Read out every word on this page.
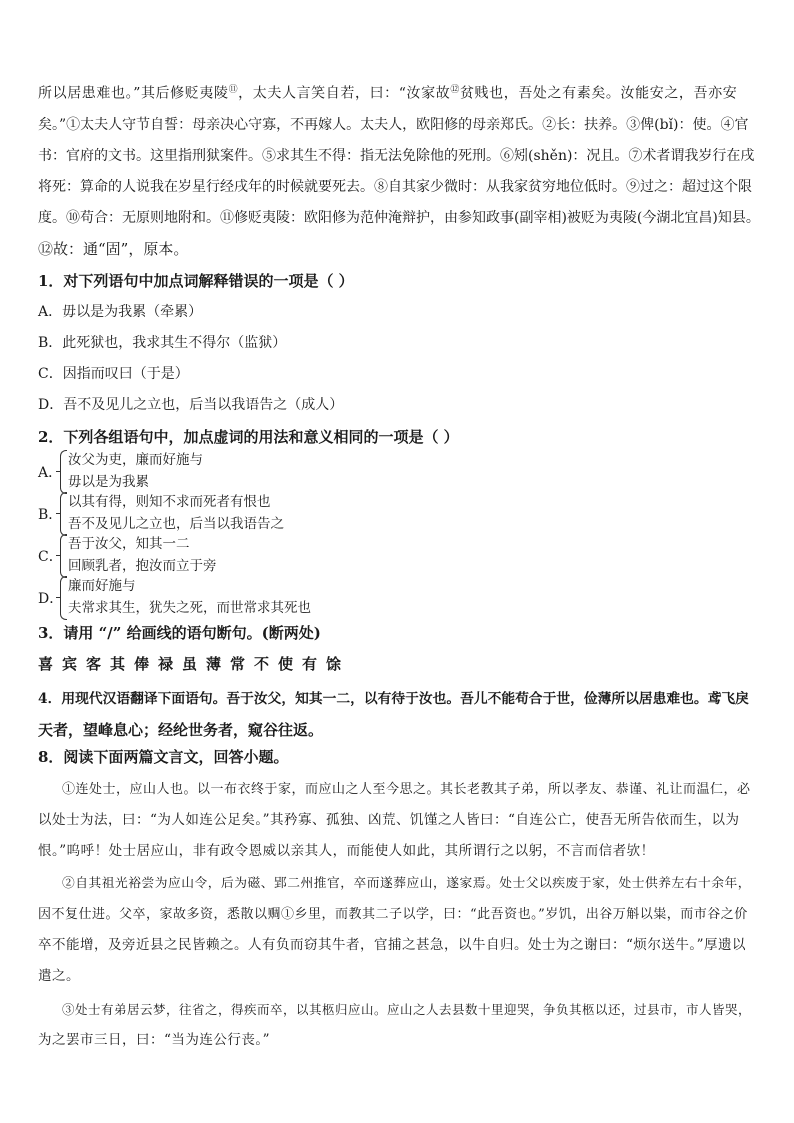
所以居患难也。”其后修贬夷陵⑪，太夫人言笑自若，曰：“汝家故⑫贫贱也，吾处之有素矣。汝能安之，吾亦安
矣。”①太夫人守节自誓：母亲决心守寡，不再嫁人。太夫人，欧阳修的母亲郑氏。②长：扶养。③俾(bǐ)：使。④官
书：官府的文书。这里指刑狱案件。⑤求其生不得：指无法免除他的死刑。⑥矧(shěn)：况且。⑦术者谓我岁行在戌
将死：算命的人说我在岁星行经戌年的时候就要死去。⑧自其家少微时：从我家贫穷地位低时。⑨过之：超过这个限
度。⑩苟合：无原则地附和。⑪修贬夷陵：欧阳修为范仲淹辩护，由参知政事(副宰相)被贬为夷陵(今湖北宜昌)知县。
⑫故：通“固”，原本。
1．对下列语句中加点词解释错误的一项是（ ）
A．毋以是为我累（牵累）
B．此死狱也，我求其生不得尔（监狱）
C．因指而叹曰（于是）
D．吾不及见儿之立也，后当以我语告之（成人）
2．下列各组语句中，加点虚词的用法和意义相同的一项是（ ）
A．
汝父为吏，廉而好施与
毋以是为我累
B．
以其有得，则知不求而死者有恨也
吾不及见儿之立也，后当以我语告之
C．
吾于汝父，知其一二
回顾乳者，抱汝而立于旁
D．
廉而好施与
夫常求其生，犹失之死，而世常求其死也
3．请用 “/” 给画线的语句断句。(断两处)
喜宾客其俸禄虽薄常不使有馀
4．用现代汉语翻译下面语句。吾于汝父，知其一二，以有待于汝也。吾儿不能苟合于世，俭薄所以居患难也。鸢飞戾
天者，望峰息心；经纶世务者，窥谷往返。
8．阅读下面两篇文言文，回答小题。
①连处士，应山人也。以一布衣终于家，而应山之人至今思之。其长老教其子弟，所以孝友、恭谨、礼让而温仁，必
以处士为法，曰：“为人如连公足矣。”其矜寡、孤独、凶荒、饥馑之人皆曰：“自连公亡，使吾无所告依而生，以为
恨。”呜呼！处士居应山，非有政令恩威以亲其人，而能使人如此，其所谓行之以躬，不言而信者欤！
②自其祖光裕尝为应山令，后为磁、郢二州推官，卒而遂葬应山，遂家焉。处士父以疾废于家，处士供养左右十余年，
因不复仕进。父卒，家故多资，悉散以赒①乡里，而教其二子以学，曰：“此吾资也。”岁饥，出谷万斛以粜，而市谷之价
卒不能增，及旁近县之民皆赖之。人有负而窃其牛者，官捕之甚急，以牛自归。处士为之谢曰：“烦尔送牛。”厚遗以
遣之。
③处士有弟居云梦，往省之，得疾而卒，以其柩归应山。应山之人去县数十里迎哭，争负其柩以还，过县市，市人皆哭，
为之罢市三日，曰：“当为连公行丧。”
